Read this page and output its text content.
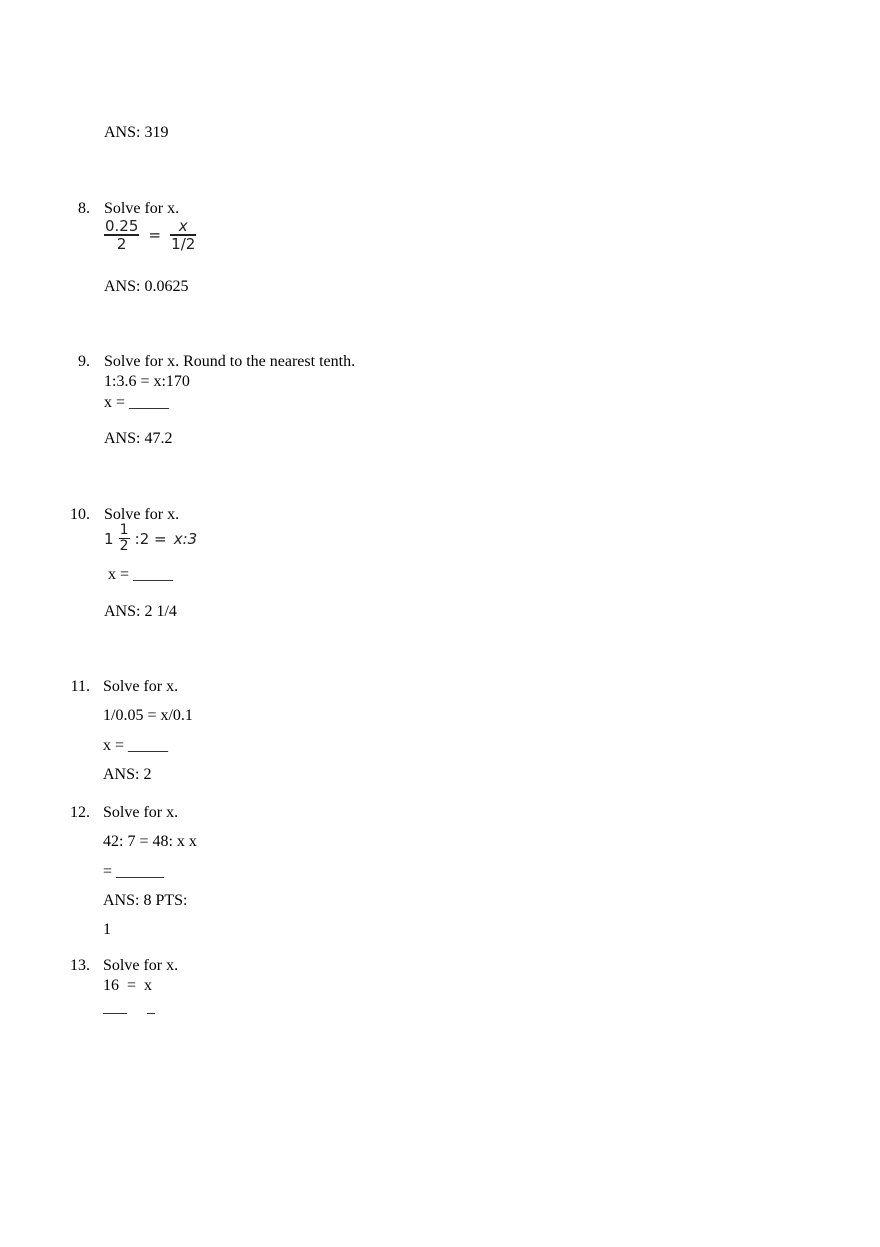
ANS: 319
8. Solve for x.
$\frac{0.25}{2} = \frac{x}{1/2}$
ANS: 0.0625
9. Solve for x. Round to the nearest tenth.
1:3.6 = x:170
x = _____
ANS: 47.2
10. Solve for x.
$1 \frac{1}{2}$ :2 = x:3
x = _____
ANS: 2 1/4
11. Solve for x.
1/0.05 = x/0.1
x = _____
ANS: 2
12. Solve for x.
42: 7 = 48: x x
= ______
ANS: 8 PTS:
1
13. Solve for x.
16  =  x
___     _
